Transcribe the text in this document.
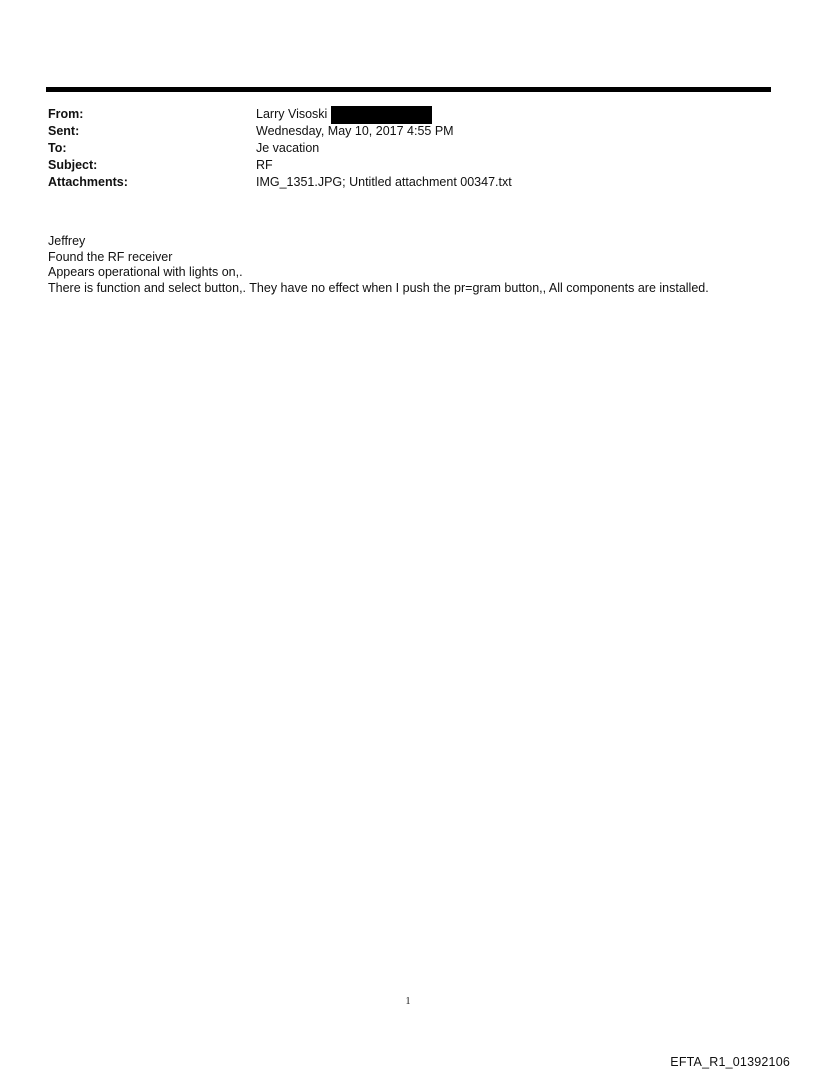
From:	Larry Visoski
Sent:	Wednesday, May 10, 2017 4:55 PM
To:	Je vacation
Subject:	RF
Attachments:	IMG_1351.JPG; Untitled attachment 00347.txt
Jeffrey
Found the RF receiver
Appears operational with lights on,.
There is function and select button,. They have no effect when I push the pr=gram button,, All components are installed.
1
EFTA_R1_01392106
